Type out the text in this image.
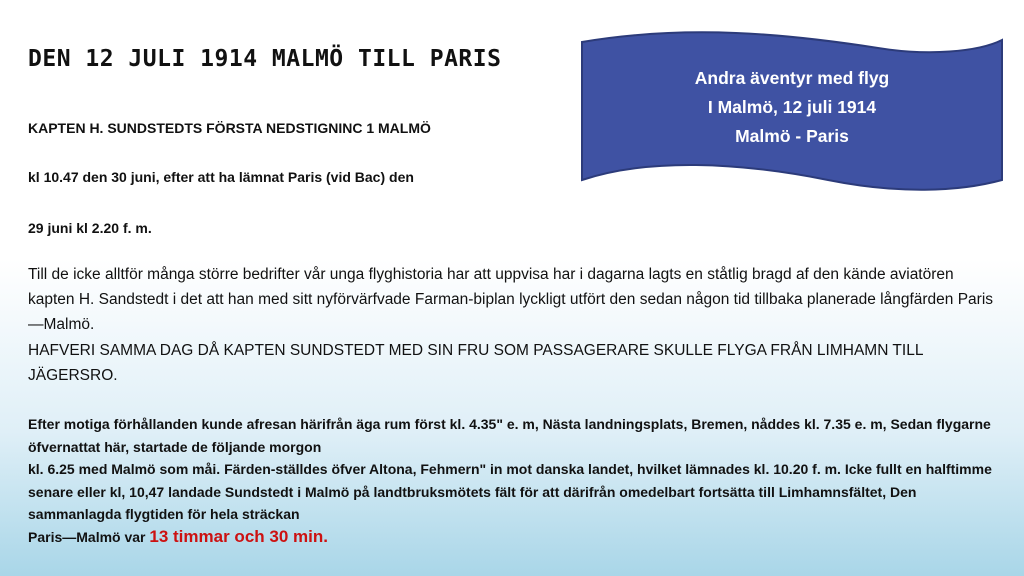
DEN 12 JULI 1914 MALMÖ TILL PARIS
KAPTEN H. SUNDSTEDTS FÖRSTA NEDSTIGNINC 1 MALMÖ
kl 10.47 den 30 juni, efter att ha lämnat Paris (vid Bac) den
29 juni kl 2.20 f. m.
Till de icke alltför många större bedrifter vår unga flyghistoria har att uppvisa har i dagarna lagts en ståtlig bragd af den kände aviatören kapten H. Sandstedt i det att han med sitt nyförvärfvade Farman-biplan lyckligt utfört den sedan någon tid tillbaka planerade långfärden Paris—Malmö.
HAFVERI SAMMA DAG DÅ KAPTEN SUNDSTEDT MED SIN FRU SOM PASSAGERARE SKULLE FLYGA FRÅN LIMHAMN TILL JÄGERSRO.
Efter motiga förhållanden kunde afresan härifrån äga rum först kl. 4.35" e. m, Nästa landningsplats, Bremen, nåddes kl. 7.35 e. m, Sedan flygarne öfvernattat här, startade de följande morgon
kl. 6.25 med Malmö som måi. Färden-ställdes öfver Altona, Fehmern" in mot danska landet, hvilket lämnades kl. 10.20 f. m. Icke fullt en halftimme senare eller kl, 10,47 landade Sundstedt i Malmö på landtbruksmötets fält för att därifrån omedelbart fortsätta till Limhamnsfältet, Den sammanlagda flygtiden för hela sträckan
Paris—Malmö var 13 timmar och 30 min.
Andra äventyr med flyg
I Malmö, 12 juli 1914
Malmö - Paris
